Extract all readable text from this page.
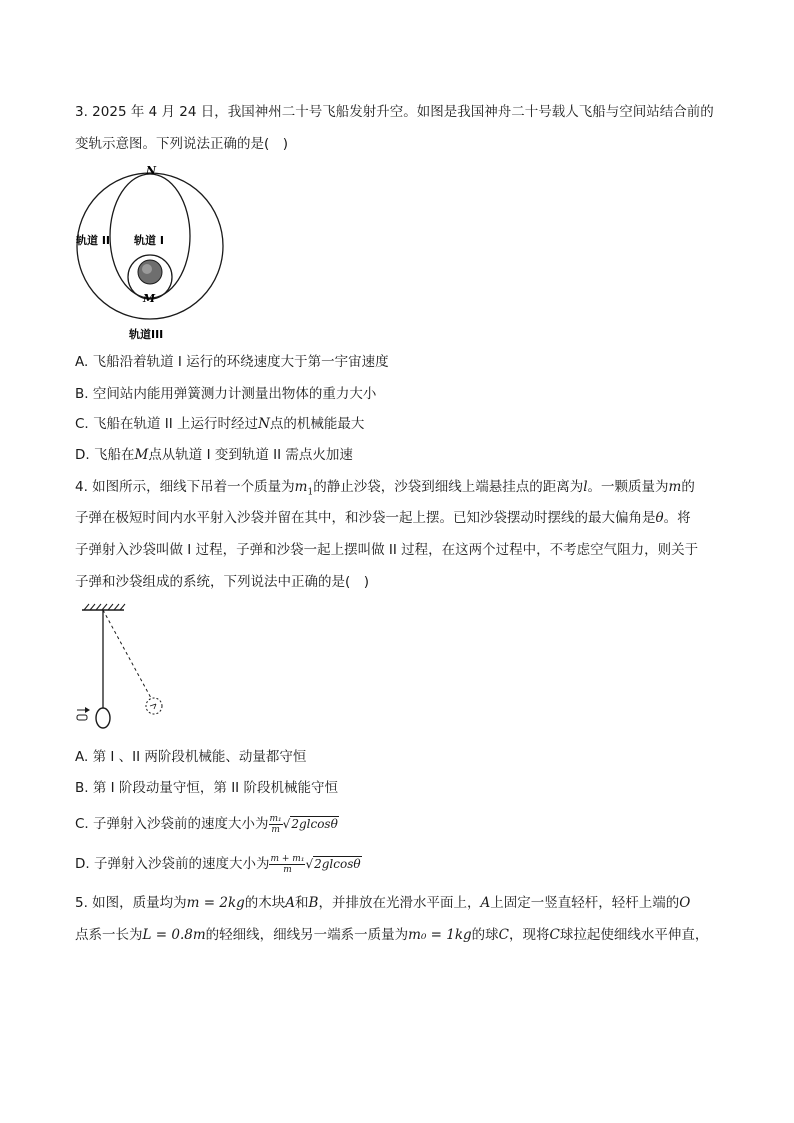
3. 2025 年 4 月 24 日，我国神州二十号飞船发射升空。如图是我国神舟二十号载人飞船与空间站结合前的
变轨示意图。下列说法正确的是(　)
N
M
轨道 I
轨道 II
轨道III
A. 飞船沿着轨道 I 运行的环绕速度大于第一宇宙速度
B. 空间站内能用弹簧测力计测量出物体的重力大小
C. 飞船在轨道 II 上运行时经过N点的机械能最大
D. 飞船在M点从轨道 I 变到轨道 II 需点火加速
4. 如图所示，细线下吊着一个质量为$m_1$的静止沙袋，沙袋到细线上端悬挂点的距离为l。一颗质量为m的
子弹在极短时间内水平射入沙袋并留在其中，和沙袋一起上摆。已知沙袋摆动时摆线的最大偏角是θ。将
子弹射入沙袋叫做 I 过程，子弹和沙袋一起上摆叫做 II 过程，在这两个过程中，不考虑空气阻力，则关于
子弹和沙袋组成的系统，下列说法中正确的是(　)
A. 第 I 、II 两阶段机械能、动量都守恒
B. 第 I 阶段动量守恒，第 II 阶段机械能守恒
C. 子弹射入沙袋前的速度大小为 $\frac{\text{m₁}}{m} √2glcos\theta$
D. 子弹射入沙袋前的速度大小为 $\frac{\text{m + m₁}}{m} √2glcos\theta$
5. 如图，质量均为m = 2kg的木块A和B，并排放在光滑水平面上，A上固定一竖直轻杆，轻杆上端的O
点系一长为L = 0.8m的轻细线，细线另一端系一质量为m₀ = 1kg的球C，现将C球拉起使细线水平伸直，
